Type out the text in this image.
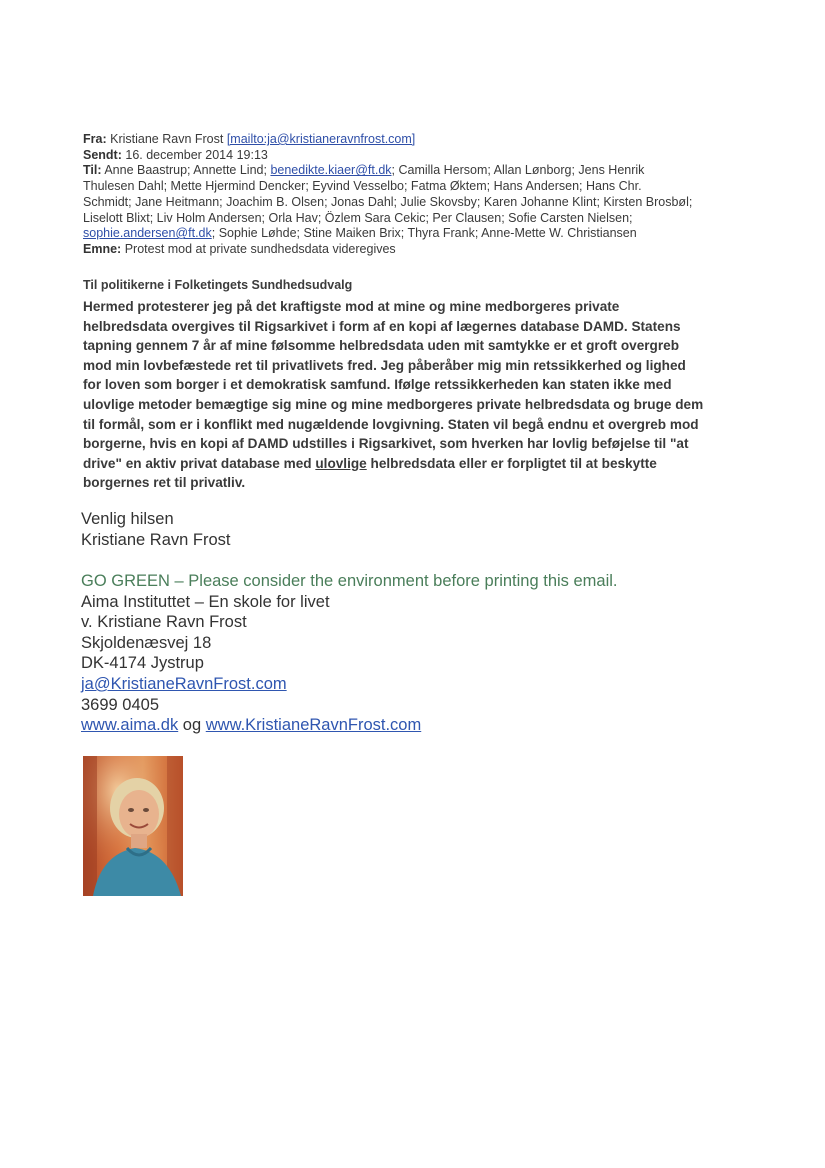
Fra: Kristiane Ravn Frost [mailto:ja@kristianeravnfrost.com]
Sendt: 16. december 2014 19:13
Til: Anne Baastrup; Annette Lind; benedikte.kiaer@ft.dk; Camilla Hersom; Allan Lønborg; Jens Henrik
Thulesen Dahl; Mette Hjermind Dencker; Eyvind Vesselbo; Fatma Øktem; Hans Andersen; Hans Chr.
Schmidt; Jane Heitmann; Joachim B. Olsen; Jonas Dahl; Julie Skovsby; Karen Johanne Klint; Kirsten Brosbøl;
Liselott Blixt; Liv Holm Andersen; Orla Hav; Özlem Sara Cekic; Per Clausen; Sofie Carsten Nielsen;
sophie.andersen@ft.dk; Sophie Løhde; Stine Maiken Brix; Thyra Frank; Anne-Mette W. Christiansen
Emne: Protest mod at private sundhedsdata videregives
Til politikerne i Folketingets Sundhedsudvalg
Hermed protesterer jeg på det kraftigste mod at mine og mine medborgeres private
helbredsdata overgives til Rigsarkivet i form af en kopi af lægernes database DAMD. Statens
tapning gennem 7 år af mine følsomme helbredsdata uden mit samtykke er et groft overgreb
mod min lovbefæstede ret til privatlivets fred. Jeg påberåber mig min retssikkerhed og lighed
for loven som borger i et demokratisk samfund. Ifølge retssikkerheden kan staten ikke med
ulovlige metoder bemægtige sig mine og mine medborgeres private helbredsdata og bruge dem
til formål, som er i konflikt med nugældende lovgivning. Staten vil begå endnu et overgreb mod
borgerne, hvis en kopi af DAMD udstilles i Rigsarkivet, som hverken har lovlig beføjelse til "at
drive" en aktiv privat database med ulovlige helbredsdata eller er forpligtet til at beskytte
borgernes ret til privatliv.
Venlig hilsen
Kristiane Ravn Frost
GO GREEN – Please consider the environment before printing this email.
Aima Instituttet – En skole for livet
v. Kristiane Ravn Frost
Skjoldenæsvej 18
DK-4174 Jystrup
ja@KristianeRavnFrost.com
3699 0405
www.aima.dk og www.KristianeRavnFrost.com
